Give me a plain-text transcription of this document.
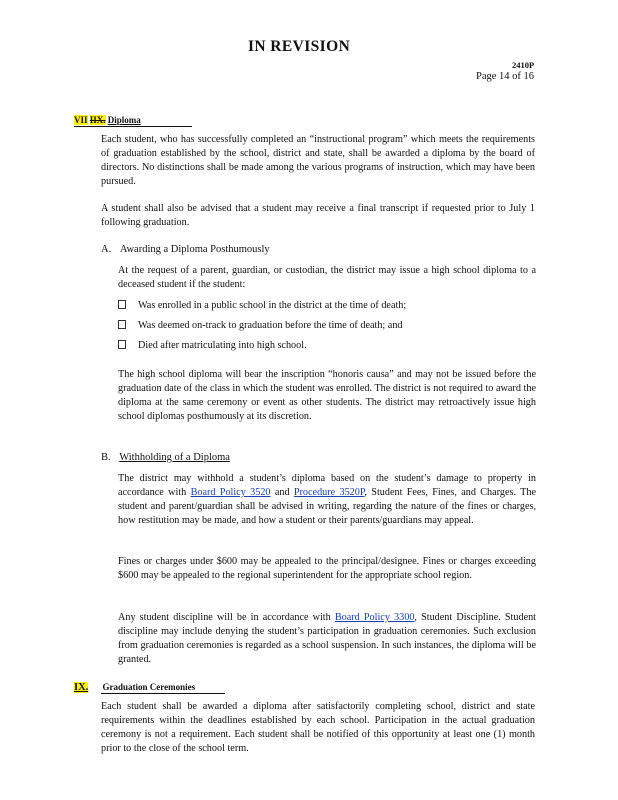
IN REVISION
2410P
Page 14 of 16
VII IIX. Diploma
Each student, who has successfully completed an “instructional program” which meets the requirements of graduation established by the school, district and state, shall be awarded a diploma by the board of directors. No distinctions shall be made among the various programs of instruction, which may have been pursued.
A student shall also be advised that a student may receive a final transcript if requested prior to July 1 following graduation.
A. Awarding a Diploma Posthumously
At the request of a parent, guardian, or custodian, the district may issue a high school diploma to a deceased student if the student:
Was enrolled in a public school in the district at the time of death;
Was deemed on-track to graduation before the time of death; and
Died after matriculating into high school.
The high school diploma will bear the inscription “honoris causa” and may not be issued before the graduation date of the class in which the student was enrolled. The district is not required to award the diploma at the same ceremony or event as other students. The district may retroactively issue high school diplomas posthumously at its discretion.
B. Withholding of a Diploma
The district may withhold a student’s diploma based on the student’s damage to property in accordance with Board Policy 3520 and Procedure 3520P, Student Fees, Fines, and Charges. The student and parent/guardian shall be advised in writing, regarding the nature of the fines or charges, how restitution may be made, and how a student or their parents/guardians may appeal.
Fines or charges under $600 may be appealed to the principal/designee. Fines or charges exceeding $600 may be appealed to the regional superintendent for the appropriate school region.
Any student discipline will be in accordance with Board Policy 3300, Student Discipline. Student discipline may include denying the student’s participation in graduation ceremonies. Such exclusion from graduation ceremonies is regarded as a school suspension. In such instances, the diploma will be granted.
IX. Graduation Ceremonies
Each student shall be awarded a diploma after satisfactorily completing school, district and state requirements within the deadlines established by each school. Participation in the actual graduation ceremony is not a requirement. Each student shall be notified of this opportunity at least one (1) month prior to the close of the school term.
